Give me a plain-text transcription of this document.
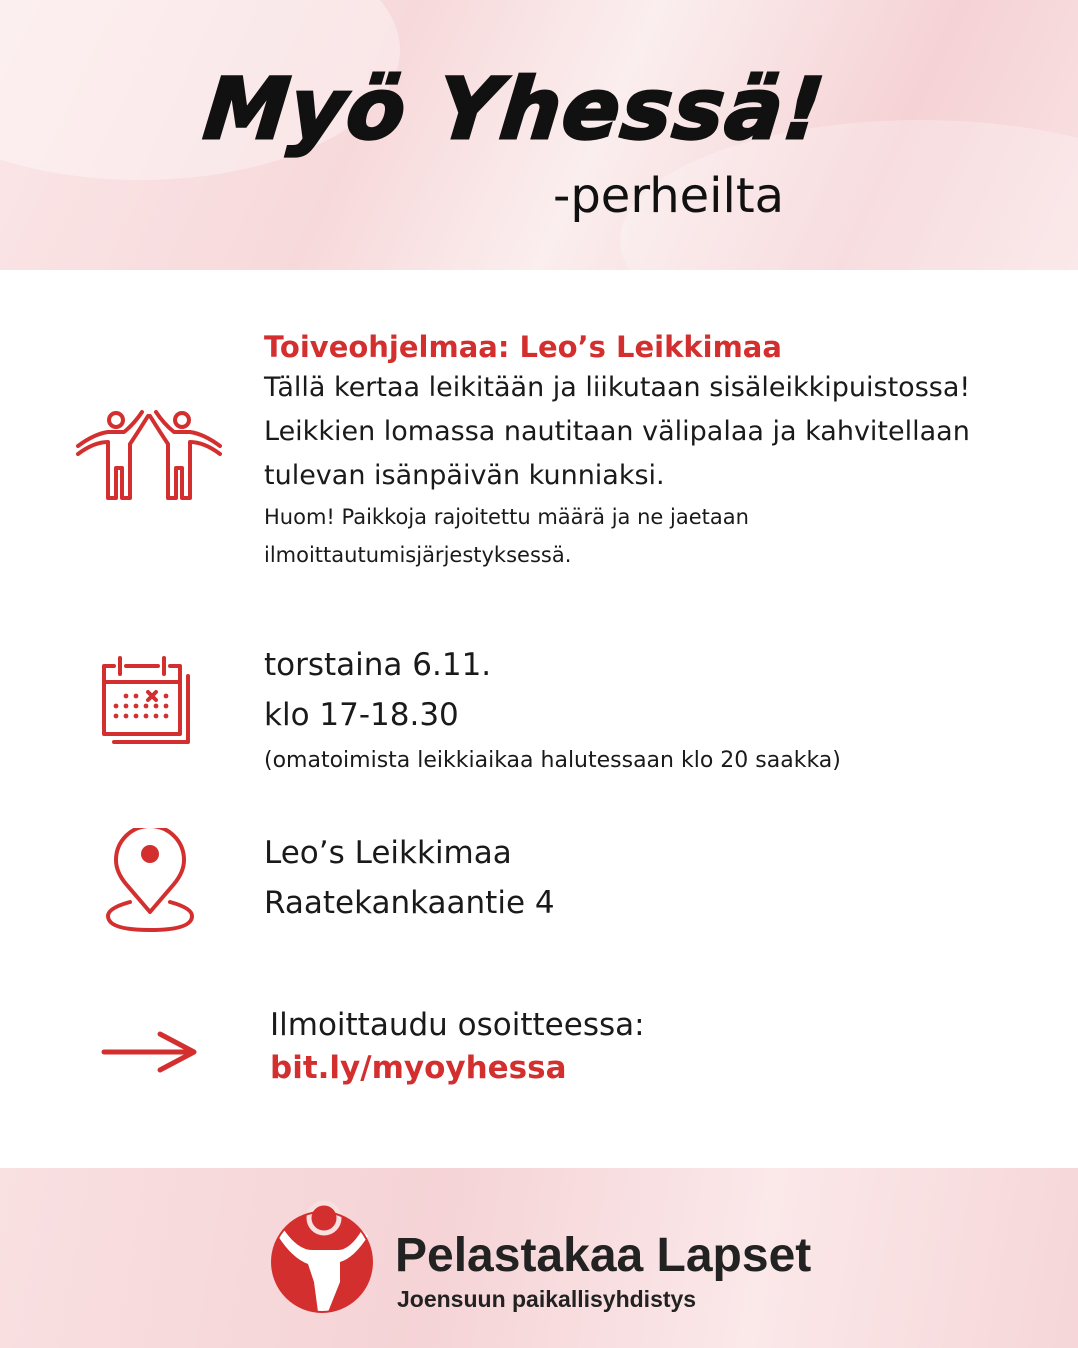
Myö Yhessä!
-perheilta
Toiveohjelmaa: Leo’s Leikkimaa
Tällä kertaa leikitään ja liikutaan sisäleikkipuistossa!
Leikkien lomassa nautitaan välipalaa ja kahvitellaan
tulevan isänpäivän kunniaksi.
Huom! Paikkoja rajoitettu määrä ja ne jaetaan
ilmoittautumisjärjestyksessä.
torstaina 6.11.
klo 17-18.30
(omatoimista leikkiaikaa halutessaan klo 20 saakka)
Leo’s Leikkimaa
Raatekankaantie 4
Ilmoittaudu osoitteessa:
bit.ly/myoyhessa
Pelastakaa Lapset
Joensuun paikallisyhdistys
